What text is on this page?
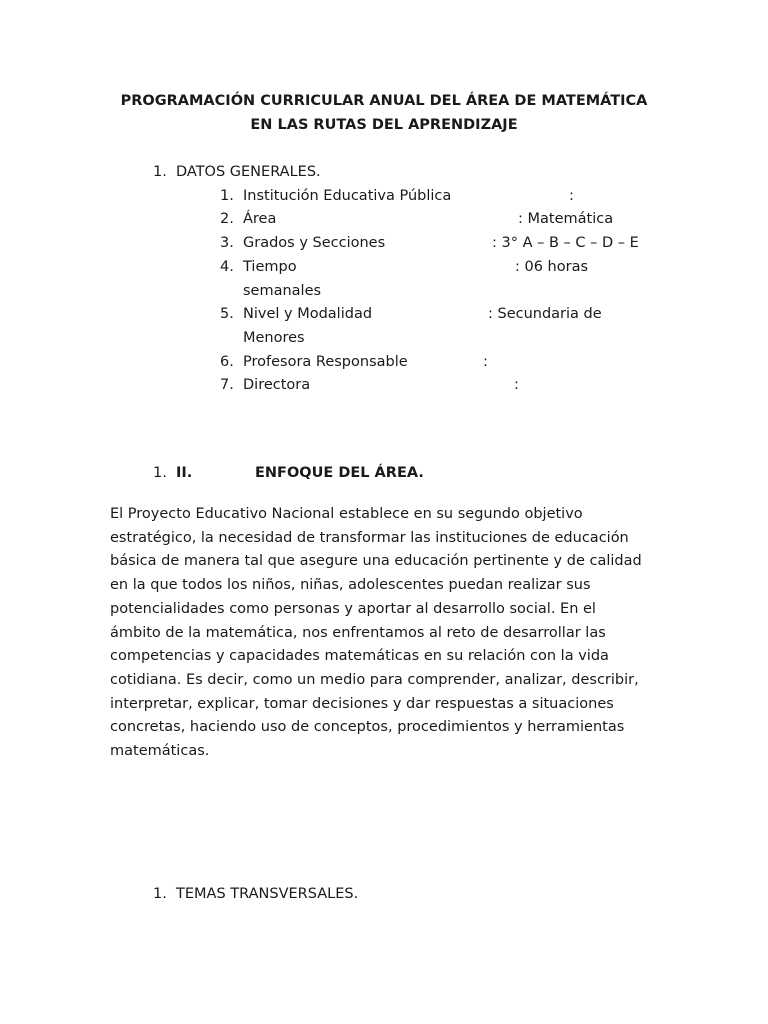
PROGRAMACIÓN CURRICULAR ANUAL DEL ÁREA DE MATEMÁTICA
EN LAS RUTAS DEL APRENDIZAJE
1. DATOS GENERALES.
1. Institución Educativa Pública	:
2. Área	: Matemática
3. Grados y Secciones	: 3° A – B – C – D – E
4. Tiempo	: 06 horas
semanales
5. Nivel y Modalidad	: Secundaria de
Menores
6. Profesora Responsable	:
7. Directora	:
1. II.	ENFOQUE DEL ÁREA.
El Proyecto Educativo Nacional establece en su segundo objetivo
estratégico, la necesidad de transformar las instituciones de educación
básica de manera tal que asegure una educación pertinente y de calidad
en la que todos los niños, niñas, adolescentes puedan realizar sus
potencialidades como personas y aportar al desarrollo social. En el
ámbito de la matemática, nos enfrentamos al reto de desarrollar las
competencias y capacidades matemáticas en su relación con la vida
cotidiana. Es decir, como un medio para comprender, analizar, describir,
interpretar, explicar, tomar decisiones y dar respuestas a situaciones
concretas, haciendo uso de conceptos, procedimientos y herramientas
matemáticas.
1. TEMAS TRANSVERSALES.
